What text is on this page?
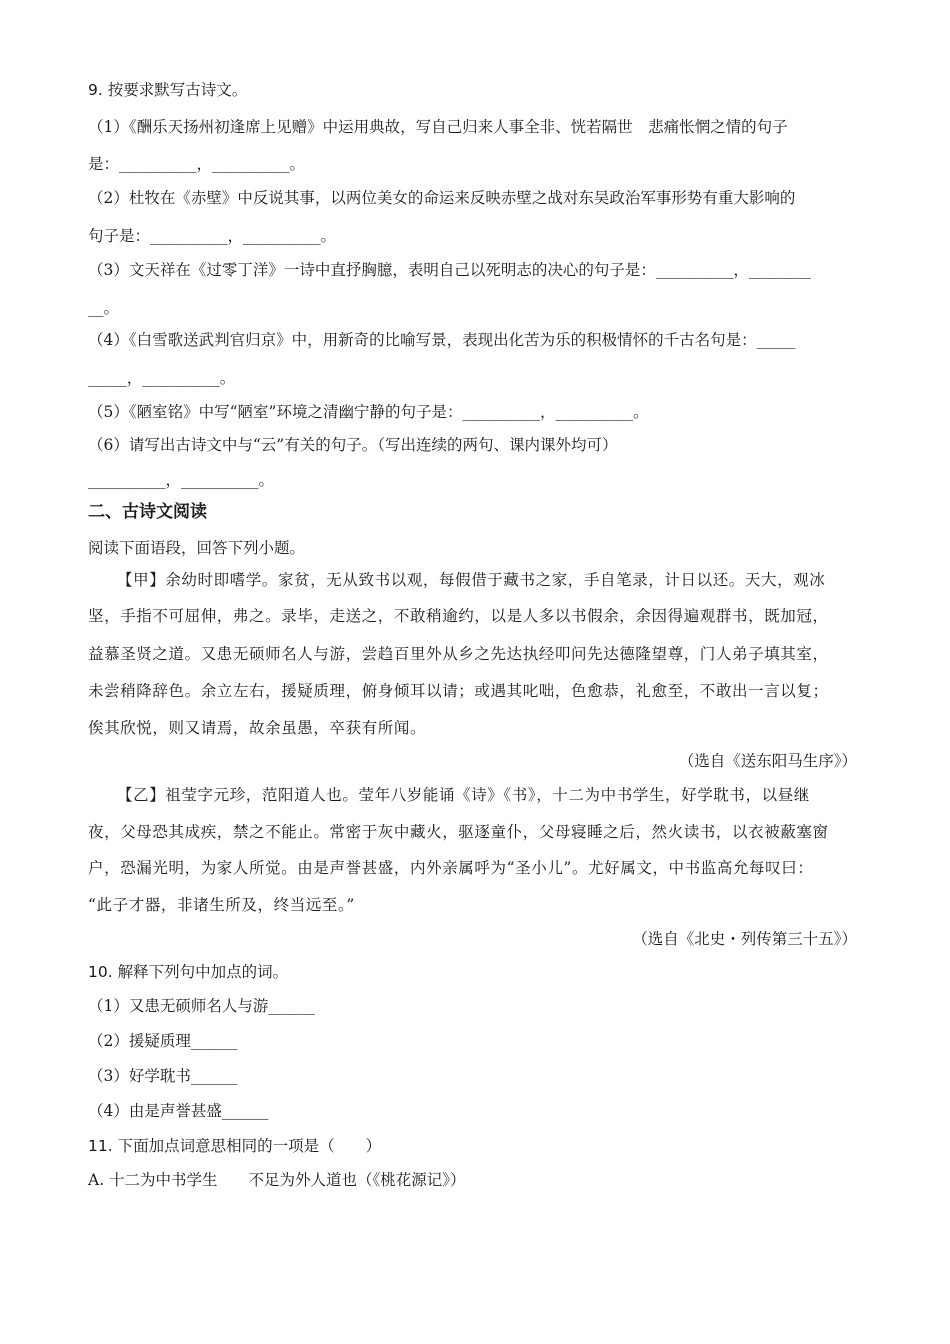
9. 按要求默写古诗文。
（1）《酬乐天扬州初逢席上见赠》中运用典故，写自己归来人事全非、恍若隔世　悲痛怅惘之情的句子
是：__________，__________。
（2）杜牧在《赤壁》中反说其事，以两位美女的命运来反映赤壁之战对东吴政治军事形势有重大影响的
句子是：__________，__________。
（3）文天祥在《过零丁洋》一诗中直抒胸臆，表明自己以死明志的决心的句子是：__________，________
__。
（4）《白雪歌送武判官归京》中，用新奇的比喻写景，表现出化苦为乐的积极情怀的千古名句是：_____
_____，__________。
（5）《陋室铭》中写“陋室”环境之清幽宁静的句子是：__________，__________。
（6）请写出古诗文中与“云”有关的句子。（写出连续的两句、课内课外均可）
__________，__________。
二、古诗文阅读
阅读下面语段，回答下列小题。
【甲】余幼时即嗜学。家贫，无从致书以观，每假借于藏书之家，手自笔录，计日以还。天大，观冰
坚，手指不可屈伸，弗之。录毕，走送之，不敢稍逾约，以是人多以书假余，余因得遍观群书，既加冠，
益慕圣贤之道。又患无硕师名人与游，尝趋百里外从乡之先达执经叩问先达德隆望尊，门人弟子填其室，
未尝稍降辞色。余立左右，援疑质理，俯身倾耳以请；或遇其叱咄，色愈恭，礼愈至，不敢出一言以复；
俟其欣悦，则又请焉，故余虽愚，卒获有所闻。
（选自《送东阳马生序》）
【乙】祖莹字元珍，范阳道人也。莹年八岁能诵《诗》《书》，十二为中书学生，好学耽书，以昼继
夜，父母恐其成疾，禁之不能止。常密于灰中藏火，驱逐童仆，父母寝睡之后，然火读书，以衣被蔽塞窗
户，恐漏光明，为家人所觉。由是声誉甚盛，内外亲属呼为“圣小儿”。尤好属文，中书监高允每叹曰：
“此子才器，非诸生所及，终当远至。”
（选自《北史・列传第三十五》）
10. 解释下列句中加点的词。
（1）又患无硕师名人与游______
（2）援疑质理______
（3）好学耽书______
（4）由是声誉甚盛______
11. 下面加点词意思相同的一项是（　　）
A. 十二为中书学生　　不足为外人道也（《桃花源记》）
